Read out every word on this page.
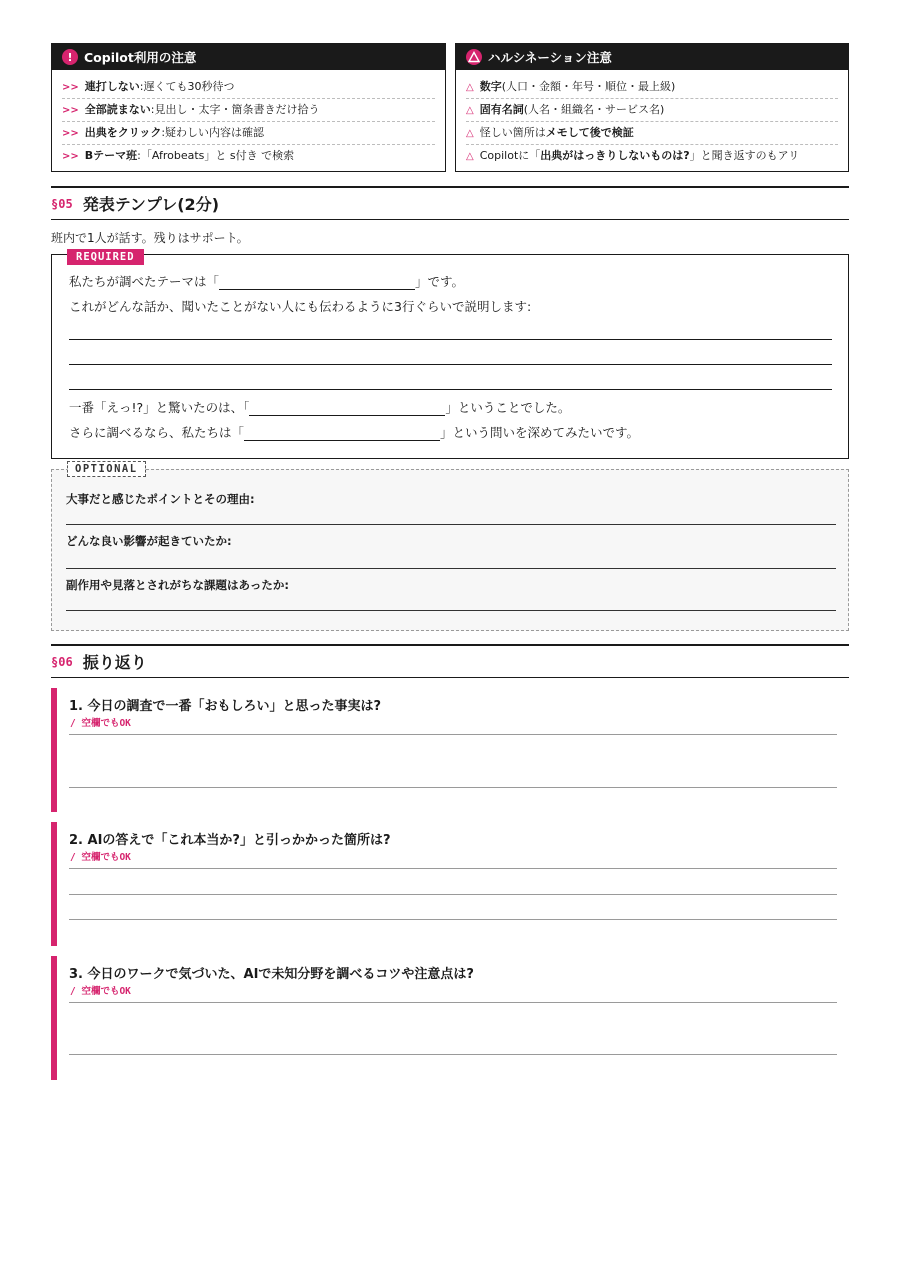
! Copilot利用の注意
>> 連打しない:遅くても30秒待つ
>> 全部読まない:見出し・太字・箇条書きだけ拾う
>> 出典をクリック:疑わしい内容は確認
>> Bテーマ班:「Afrobeats」と s付き で検索
ハルシネーション注意
△ 数字(人口・金額・年号・順位・最上級)
△ 固有名詞(人名・組織名・サービス名)
△ 怪しい箇所はメモして後で検証
△ Copilotに「出典がはっきりしないものは?」と聞き返すのもアリ
§05 発表テンプレ(2分)
班内で1人が話す。残りはサポート。
REQUIRED
私たちが調べたテーマは「	」です。
これがどんな話か、聞いたことがない人にも伝わるように3行ぐらいで説明します:
一番「えっ!?」と驚いたのは、「	」ということでした。
さらに調べるなら、私たちは「	」という問いを深めてみたいです。
OPTIONAL
大事だと感じたポイントとその理由:
どんな良い影響が起きていたか:
副作用や見落とされがちな課題はあったか:
§06 振り返り
1. 今日の調査で一番「おもしろい」と思った事実は?
/ 空欄でもOK
2. AIの答えで「これ本当か?」と引っかかった箇所は?
/ 空欄でもOK
3. 今日のワークで気づいた、AIで未知分野を調べるコツや注意点は?
/ 空欄でもOK
